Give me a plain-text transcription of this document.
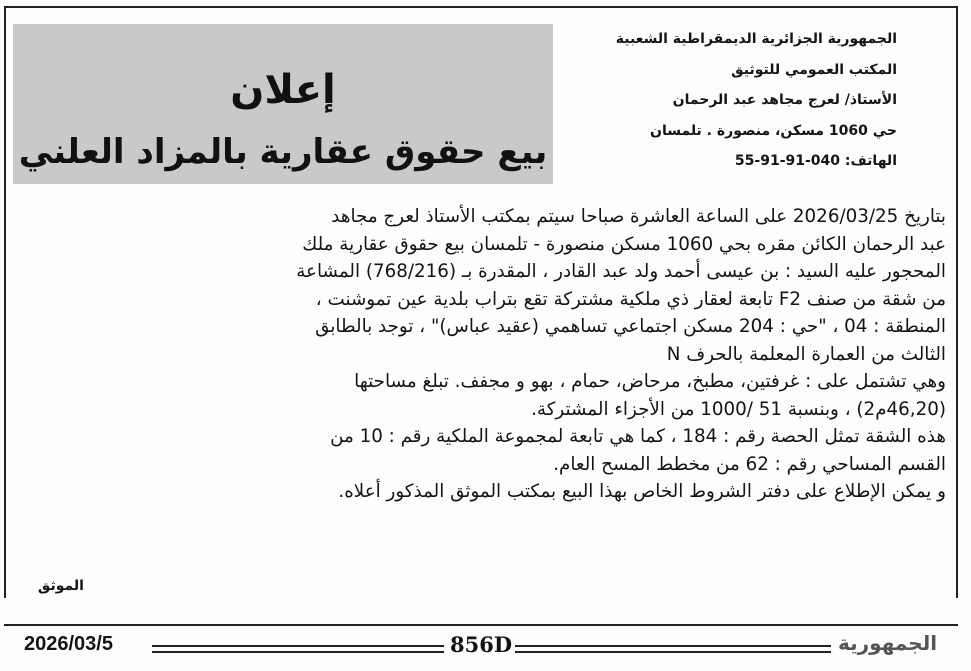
الجمهورية الجزائرية الديمقراطية الشعبية
المكتب العمومي للتوثيق
الأستاذ/ لعرج مجاهد عبد الرحمان
حي 1060 مسكن، منصورة . تلمسان
الهاتف: 040-91-91-55
إعلان
بيع حقوق عقارية بالمزاد العلني
بتاريخ 2026/03/25 على الساعة العاشرة صباحا سيتم بمكتب الأستاذ لعرج مجاهد
عبد الرحمان الكائن مقره بحي 1060 مسكن منصورة - تلمسان بيع حقوق عقارية ملك
المحجور عليه السيد : بن عيسى أحمد ولد عبد القادر ، المقدرة بـ (768/216) المشاعة
من شقة من صنف F2 تابعة لعقار ذي ملكية مشتركة تقع بتراب بلدية عين تموشنت ،
المنطقة : 04 ، "حي : 204 مسكن اجتماعي تساهمي (عقيد عباس)" ، توجد بالطابق
الثالث من العمارة المعلمة بالحرف N
وهي تشتمل على : غرفتين، مطبخ، مرحاض، حمام ، بهو و مجفف. تبلغ مساحتها
(46,20م2) ، وبنسبة 51 /1000 من الأجزاء المشتركة.
هذه الشقة تمثل الحصة رقم : 184 ، كما هي تابعة لمجموعة الملكية رقم : 10 من
القسم المساحي رقم : 62 من مخطط المسح العام.
و يمكن الإطلاع على دفتر الشروط الخاص بهذا البيع بمكتب الموثق المذكور أعلاه.
الموثق
2026/03/5	856D	الجمهورية
